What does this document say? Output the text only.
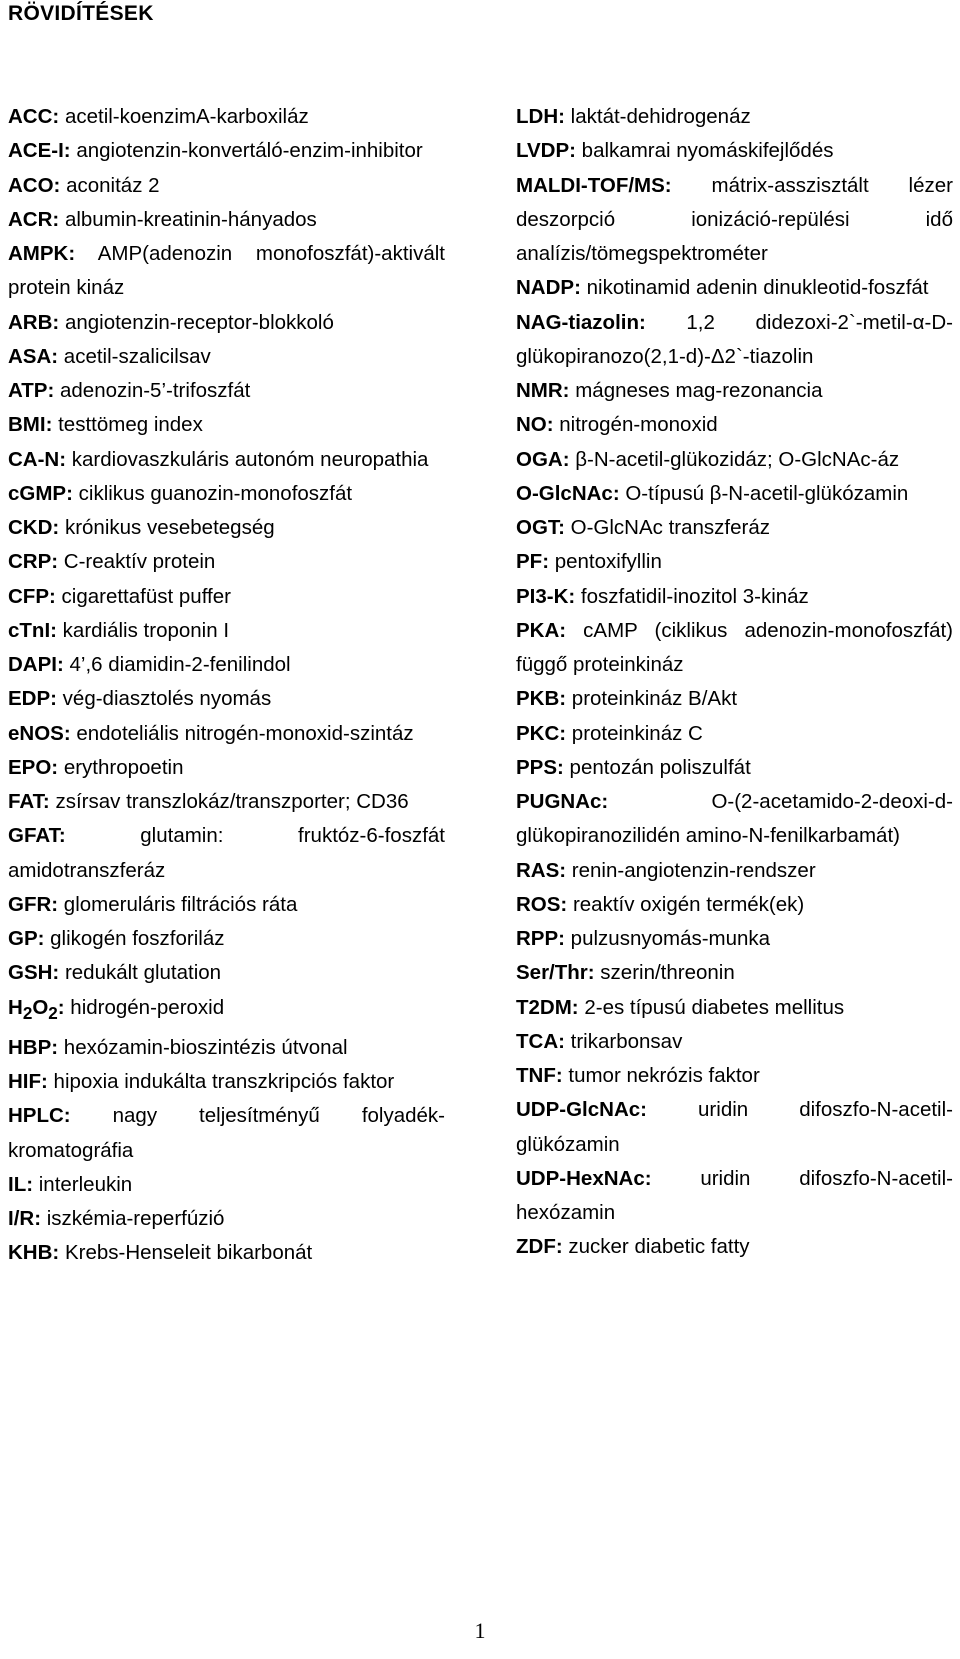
RÖVIDÍTÉSEK
ACC: acetil-koenzimA-karboxiláz
ACE-I: angiotenzin-konvertáló-enzim-inhibitor
ACO: aconitáz 2
ACR: albumin-kreatinin-hányados
AMPK: AMP(adenozin monofoszfát)-aktivált protein kináz
ARB: angiotenzin-receptor-blokkoló
ASA: acetil-szalicilsav
ATP: adenozin-5’-trifoszfát
BMI: testtömeg index
CA-N: kardiovaszkuláris autonóm neuropathia
cGMP: ciklikus guanozin-monofoszfát
CKD: krónikus vesebetegség
CRP: C-reaktív protein
CFP: cigarettafüst puffer
cTnI: kardiális troponin I
DAPI: 4’,6 diamidin-2-fenilindol
EDP: vég-diasztolés nyomás
eNOS: endoteliális nitrogén-monoxid-szintáz
EPO: erythropoetin
FAT: zsírsav transzlokáz/transzporter; CD36
GFAT: glutamin: fruktóz-6-foszfát amidotranszferáz
GFR: glomeruláris filtrációs ráta
GP: glikogén foszforiláz
GSH: redukált glutation
$H_2O_2$: hidrogén-peroxid
HBP: hexózamin-bioszintézis útvonal
HIF: hipoxia indukálta transzkripciós faktor
HPLC: nagy teljesítményű folyadék-kromatográfia
IL: interleukin
I/R: iszkémia-reperfúzió
KHB: Krebs-Henseleit bikarbonát
LDH: laktát-dehidrogenáz
LVDP: balkamrai nyomáskifejlődés
MALDI-TOF/MS: mátrix-asszisztált lézer deszorpció ionizáció-repülési idő analízis/tömegspektrométer
NADP: nikotinamid adenin dinukleotid-foszfát
NAG-tiazolin: 1,2 didezoxi-2`-metil-α-D-glükopiranozo(2,1-d)-Δ2`-tiazolin
NMR: mágneses mag-rezonancia
NO: nitrogén-monoxid
OGA: β-N-acetil-glükozidáz; O-GlcNAc-áz
O-GlcNAc: O-típusú β-N-acetil-glükózamin
OGT: O-GlcNAc transzferáz
PF: pentoxifyllin
PI3-K: foszfatidil-inozitol 3-kináz
PKA: cAMP (ciklikus adenozin-monofoszfát) függő proteinkináz
PKB: proteinkináz B/Akt
PKC: proteinkináz C
PPS: pentozán poliszulfát
PUGNAc: O-(2-acetamido-2-deoxi-d-glükopiranozilidén amino-N-fenilkarbamát)
RAS: renin-angiotenzin-rendszer
ROS: reaktív oxigén termék(ek)
RPP: pulzusnyomás-munka
Ser/Thr: szerin/threonin
T2DM: 2-es típusú diabetes mellitus
TCA: trikarbonsav
TNF: tumor nekrózis faktor
UDP-GlcNAc: uridin difoszfo-N-acetil-glükózamin
UDP-HexNAc: uridin difoszfo-N-acetil-hexózamin
ZDF: zucker diabetic fatty
1
